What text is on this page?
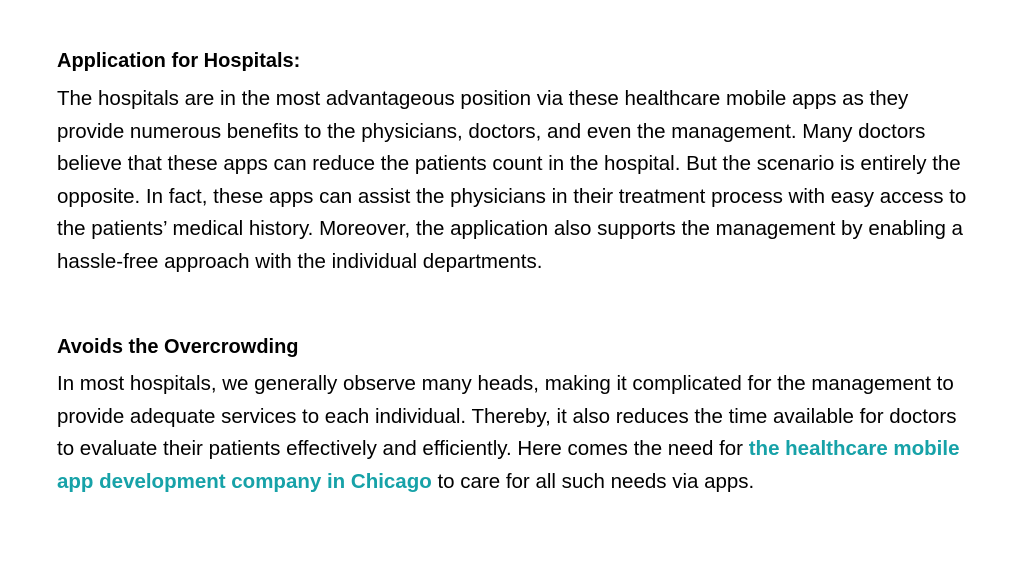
Application for Hospitals:

The hospitals are in the most advantageous position via these healthcare mobile apps as they provide numerous benefits to the physicians, doctors, and even the management. Many doctors believe that these apps can reduce the patients count in the hospital. But the scenario is entirely the opposite. In fact, these apps can assist the physicians in their treatment process with easy access to the patients’ medical history. Moreover, the application also supports the management by enabling a hassle-free approach with the individual departments.

Avoids the Overcrowding

In most hospitals, we generally observe many heads, making it complicated for the management to provide adequate services to each individual. Thereby, it also reduces the time available for doctors to evaluate their patients effectively and efficiently. Here comes the need for the healthcare mobile app development company in Chicago to care for all such needs via apps.
